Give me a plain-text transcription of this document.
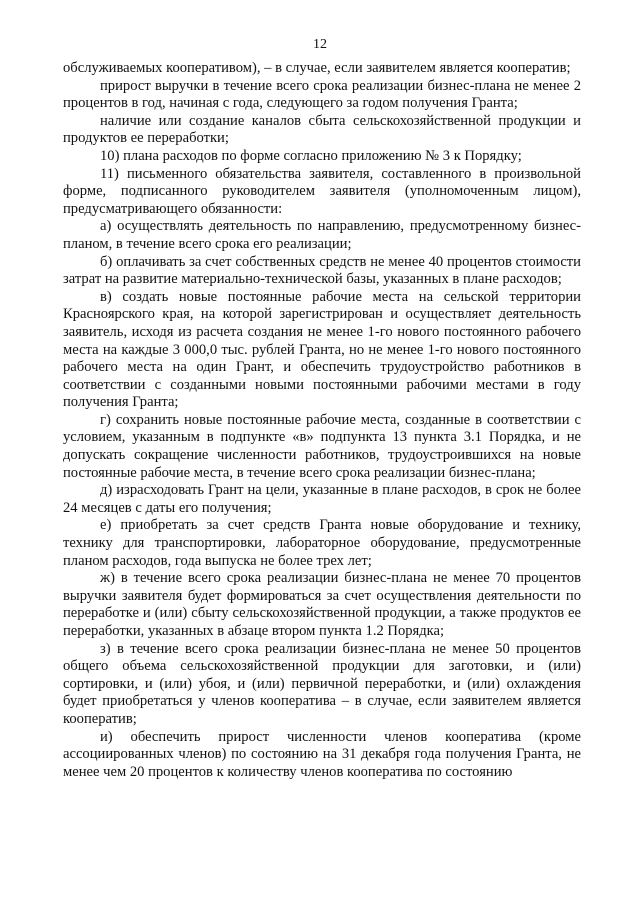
12

обслуживаемых кооперативом), – в случае, если заявителем является кооператив;

прирост выручки в течение всего срока реализации бизнес-плана не менее 2 процентов в год, начиная с года, следующего за годом получения Гранта;

наличие или создание каналов сбыта сельскохозяйственной продукции и продуктов ее переработки;

10) плана расходов по форме согласно приложению № 3 к Порядку;

11) письменного обязательства заявителя, составленного в произвольной форме, подписанного руководителем заявителя (уполномоченным лицом), предусматривающего обязанности:

а) осуществлять деятельность по направлению, предусмотренному бизнес-планом, в течение всего срока его реализации;

б) оплачивать за счет собственных средств не менее 40 процентов стоимости затрат на развитие материально-технической базы, указанных в плане расходов;

в) создать новые постоянные рабочие места на сельской территории Красноярского края, на которой зарегистрирован и осуществляет деятельность заявитель, исходя из расчета создания не менее 1-го нового постоянного рабочего места на каждые 3 000,0 тыс. рублей Гранта, но не менее 1-го нового постоянного рабочего места на один Грант, и обеспечить трудоустройство работников в соответствии с созданными новыми постоянными рабочими местами в году получения Гранта;

г) сохранить новые постоянные рабочие места, созданные в соответствии с условием, указанным в подпункте «в» подпункта 13 пункта 3.1 Порядка, и не допускать сокращение численности работников, трудоустроившихся на новые постоянные рабочие места, в течение всего срока реализации бизнес-плана;

д) израсходовать Грант на цели, указанные в плане расходов, в срок не более 24 месяцев с даты его получения;

е) приобретать за счет средств Гранта новые оборудование и технику, технику для транспортировки, лабораторное оборудование, предусмотренные планом расходов, года выпуска не более трех лет;

ж) в течение всего срока реализации бизнес-плана не менее 70 процентов выручки заявителя будет формироваться за счет осуществления деятельности по переработке и (или) сбыту сельскохозяйственной продукции, а также продуктов ее переработки, указанных в абзаце втором пункта 1.2 Порядка;

з) в течение всего срока реализации бизнес-плана не менее 50 процентов общего объема сельскохозяйственной продукции для заготовки, и (или) сортировки, и (или) убоя, и (или) первичной переработки, и (или) охлаждения будет приобретаться у членов кооператива – в случае, если заявителем является кооператив;

и) обеспечить прирост численности членов кооператива (кроме ассоциированных членов) по состоянию на 31 декабря года получения Гранта, не менее чем 20 процентов к количеству членов кооператива по состоянию
